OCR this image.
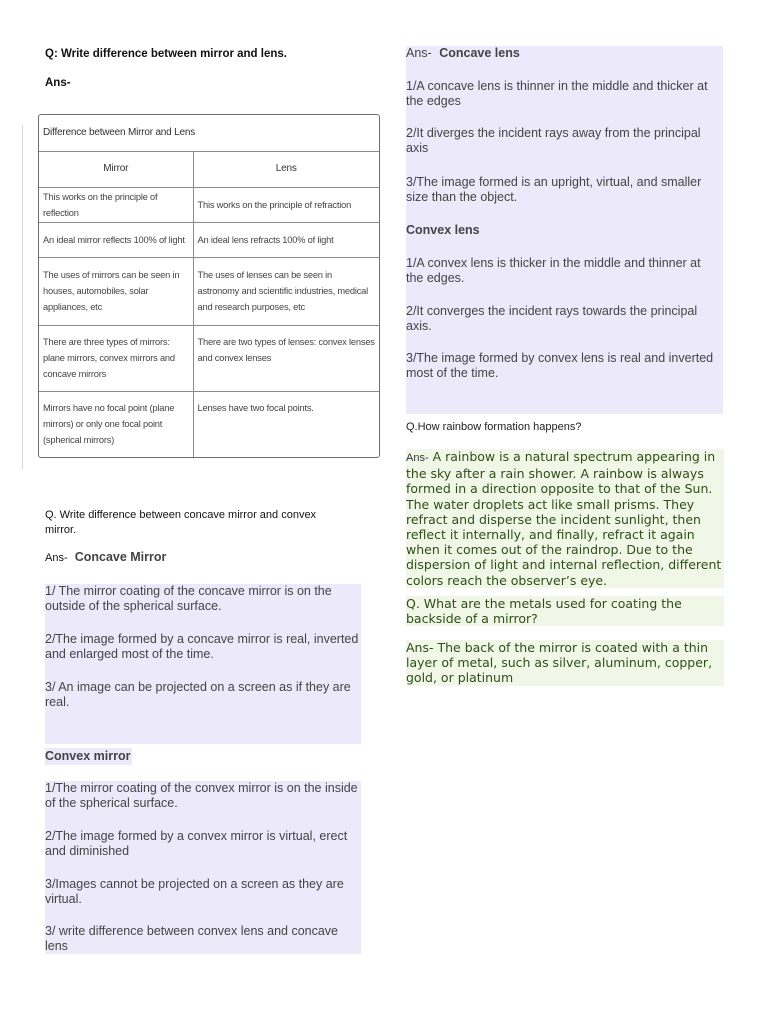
Q: Write difference between mirror and lens.
Ans-
Difference between Mirror and Lens	
Mirror	Lens
This works on the principle of reflection	This works on the principle of refraction
An ideal mirror reflects 100% of light	An ideal lens refracts 100% of light
The uses of mirrors can be seen in houses, automobiles, solar appliances, etc	The uses of lenses can be seen in astronomy and scientific industries, medical and research purposes, etc
There are three types of mirrors: plane mirrors, convex mirrors and concave mirrors	There are two types of lenses: convex lenses and convex lenses
Mirrors have no focal point (plane mirrors) or only one focal point (spherical mirrors)	Lenses have two focal points.
Q. Write difference between concave mirror and convex mirror.
Ans- Concave Mirror
1/ The mirror coating of the concave mirror is on the outside of the spherical surface.
2/The image formed by a concave mirror is real, inverted and enlarged most of the time.
3/ An image can be projected on a screen as if they are real.
Convex mirror
1/The mirror coating of the convex mirror is on the inside of the spherical surface.
2/The image formed by a convex mirror is virtual, erect and diminished
3/Images cannot be projected on a screen as they are virtual.
3/ write difference between convex lens and concave lens
Ans- Concave lens
1/A concave lens is thinner in the middle and thicker at the edges
2/It diverges the incident rays away from the principal axis
3/The image formed is an upright, virtual, and smaller size than the object.
Convex lens
1/A convex lens is thicker in the middle and thinner at the edges.
2/It converges the incident rays towards the principal axis.
3/The image formed by convex lens is real and inverted most of the time.
Q.How rainbow formation happens?
Ans- A rainbow is a natural spectrum appearing in the sky after a rain shower. A rainbow is always formed in a direction opposite to that of the Sun. The water droplets act like small prisms. They refract and disperse the incident sunlight, then reflect it internally, and finally, refract it again when it comes out of the raindrop. Due to the dispersion of light and internal reflection, different colors reach the observer’s eye.
Q. What are the metals used for coating the backside of a mirror?
Ans- The back of the mirror is coated with a thin layer of metal, such as silver, aluminum, copper, gold, or platinum
